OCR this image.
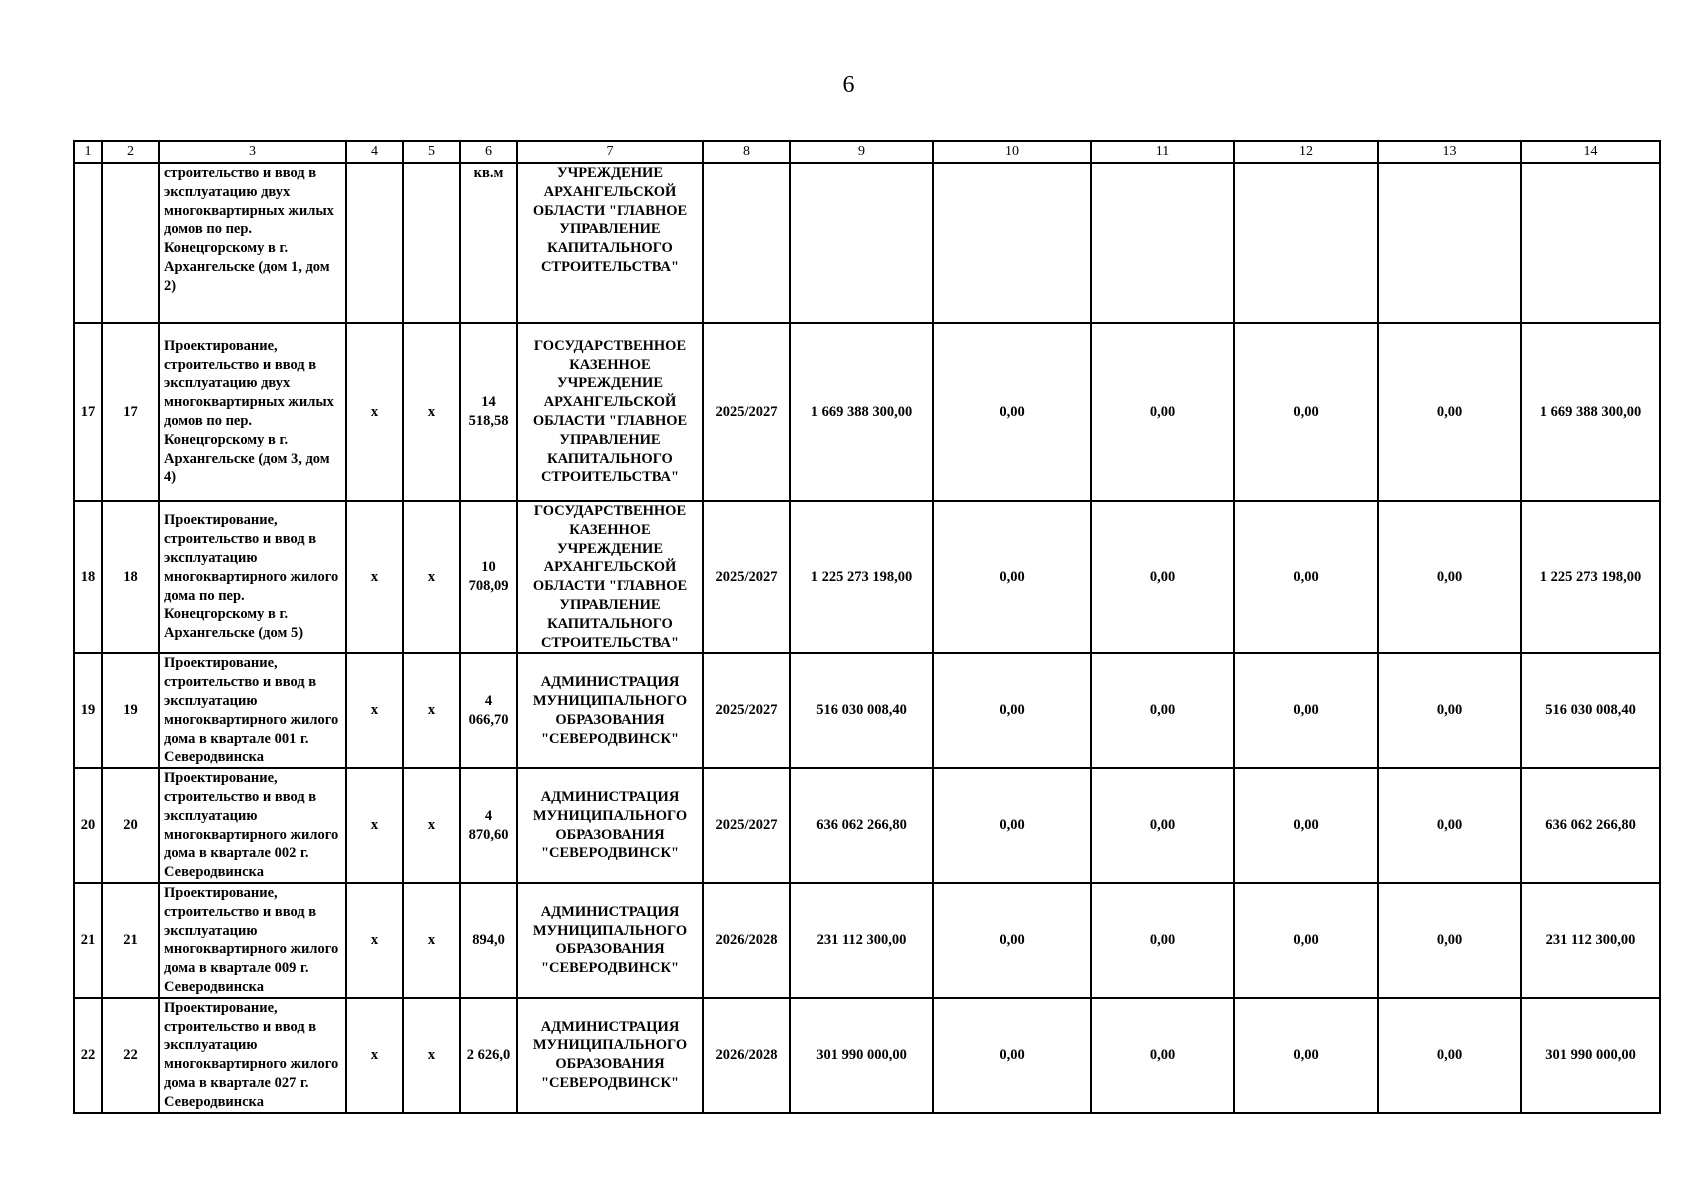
6
1	2	3	4	5	6	7	8	9	10	11	12	13	14
		строительство и ввод в эксплуатацию двух многоквартирных жилых домов по пер. Конецгорскому в г. Архангельске (дом 1, дом 2)			кв.м	УЧРЕЖДЕНИЕ АРХАНГЕЛЬСКОЙ ОБЛАСТИ "ГЛАВНОЕ УПРАВЛЕНИЕ КАПИТАЛЬНОГО СТРОИТЕЛЬСТВА"							
17	17	Проектирование, строительство и ввод в эксплуатацию двух многоквартирных жилых домов по пер. Конецгорскому в г. Архангельске (дом 3, дом 4)	х	х	14 518,58	ГОСУДАРСТВЕННОЕ КАЗЕННОЕ УЧРЕЖДЕНИЕ АРХАНГЕЛЬСКОЙ ОБЛАСТИ "ГЛАВНОЕ УПРАВЛЕНИЕ КАПИТАЛЬНОГО СТРОИТЕЛЬСТВА"	2025/2027	1 669 388 300,00	0,00	0,00	0,00	0,00	1 669 388 300,00
18	18	Проектирование, строительство и ввод в эксплуатацию многоквартирного жилого дома по пер. Конецгорскому в г. Архангельске (дом 5)	х	х	10 708,09	ГОСУДАРСТВЕННОЕ КАЗЕННОЕ УЧРЕЖДЕНИЕ АРХАНГЕЛЬСКОЙ ОБЛАСТИ "ГЛАВНОЕ УПРАВЛЕНИЕ КАПИТАЛЬНОГО СТРОИТЕЛЬСТВА"	2025/2027	1 225 273 198,00	0,00	0,00	0,00	0,00	1 225 273 198,00
19	19	Проектирование, строительство и ввод в эксплуатацию многоквартирного жилого дома в квартале 001 г. Северодвинска	х	х	4 066,70	АДМИНИСТРАЦИЯ МУНИЦИПАЛЬНОГО ОБРАЗОВАНИЯ "СЕВЕРОДВИНСК"	2025/2027	516 030 008,40	0,00	0,00	0,00	0,00	516 030 008,40
20	20	Проектирование, строительство и ввод в эксплуатацию многоквартирного жилого дома в квартале 002 г. Северодвинска	х	х	4 870,60	АДМИНИСТРАЦИЯ МУНИЦИПАЛЬНОГО ОБРАЗОВАНИЯ "СЕВЕРОДВИНСК"	2025/2027	636 062 266,80	0,00	0,00	0,00	0,00	636 062 266,80
21	21	Проектирование, строительство и ввод в эксплуатацию многоквартирного жилого дома в квартале 009 г. Северодвинска	х	х	894,0	АДМИНИСТРАЦИЯ МУНИЦИПАЛЬНОГО ОБРАЗОВАНИЯ "СЕВЕРОДВИНСК"	2026/2028	231 112 300,00	0,00	0,00	0,00	0,00	231 112 300,00
22	22	Проектирование, строительство и ввод в эксплуатацию многоквартирного жилого дома в квартале 027 г. Северодвинска	х	х	2 626,0	АДМИНИСТРАЦИЯ МУНИЦИПАЛЬНОГО ОБРАЗОВАНИЯ "СЕВЕРОДВИНСК"	2026/2028	301 990 000,00	0,00	0,00	0,00	0,00	301 990 000,00
